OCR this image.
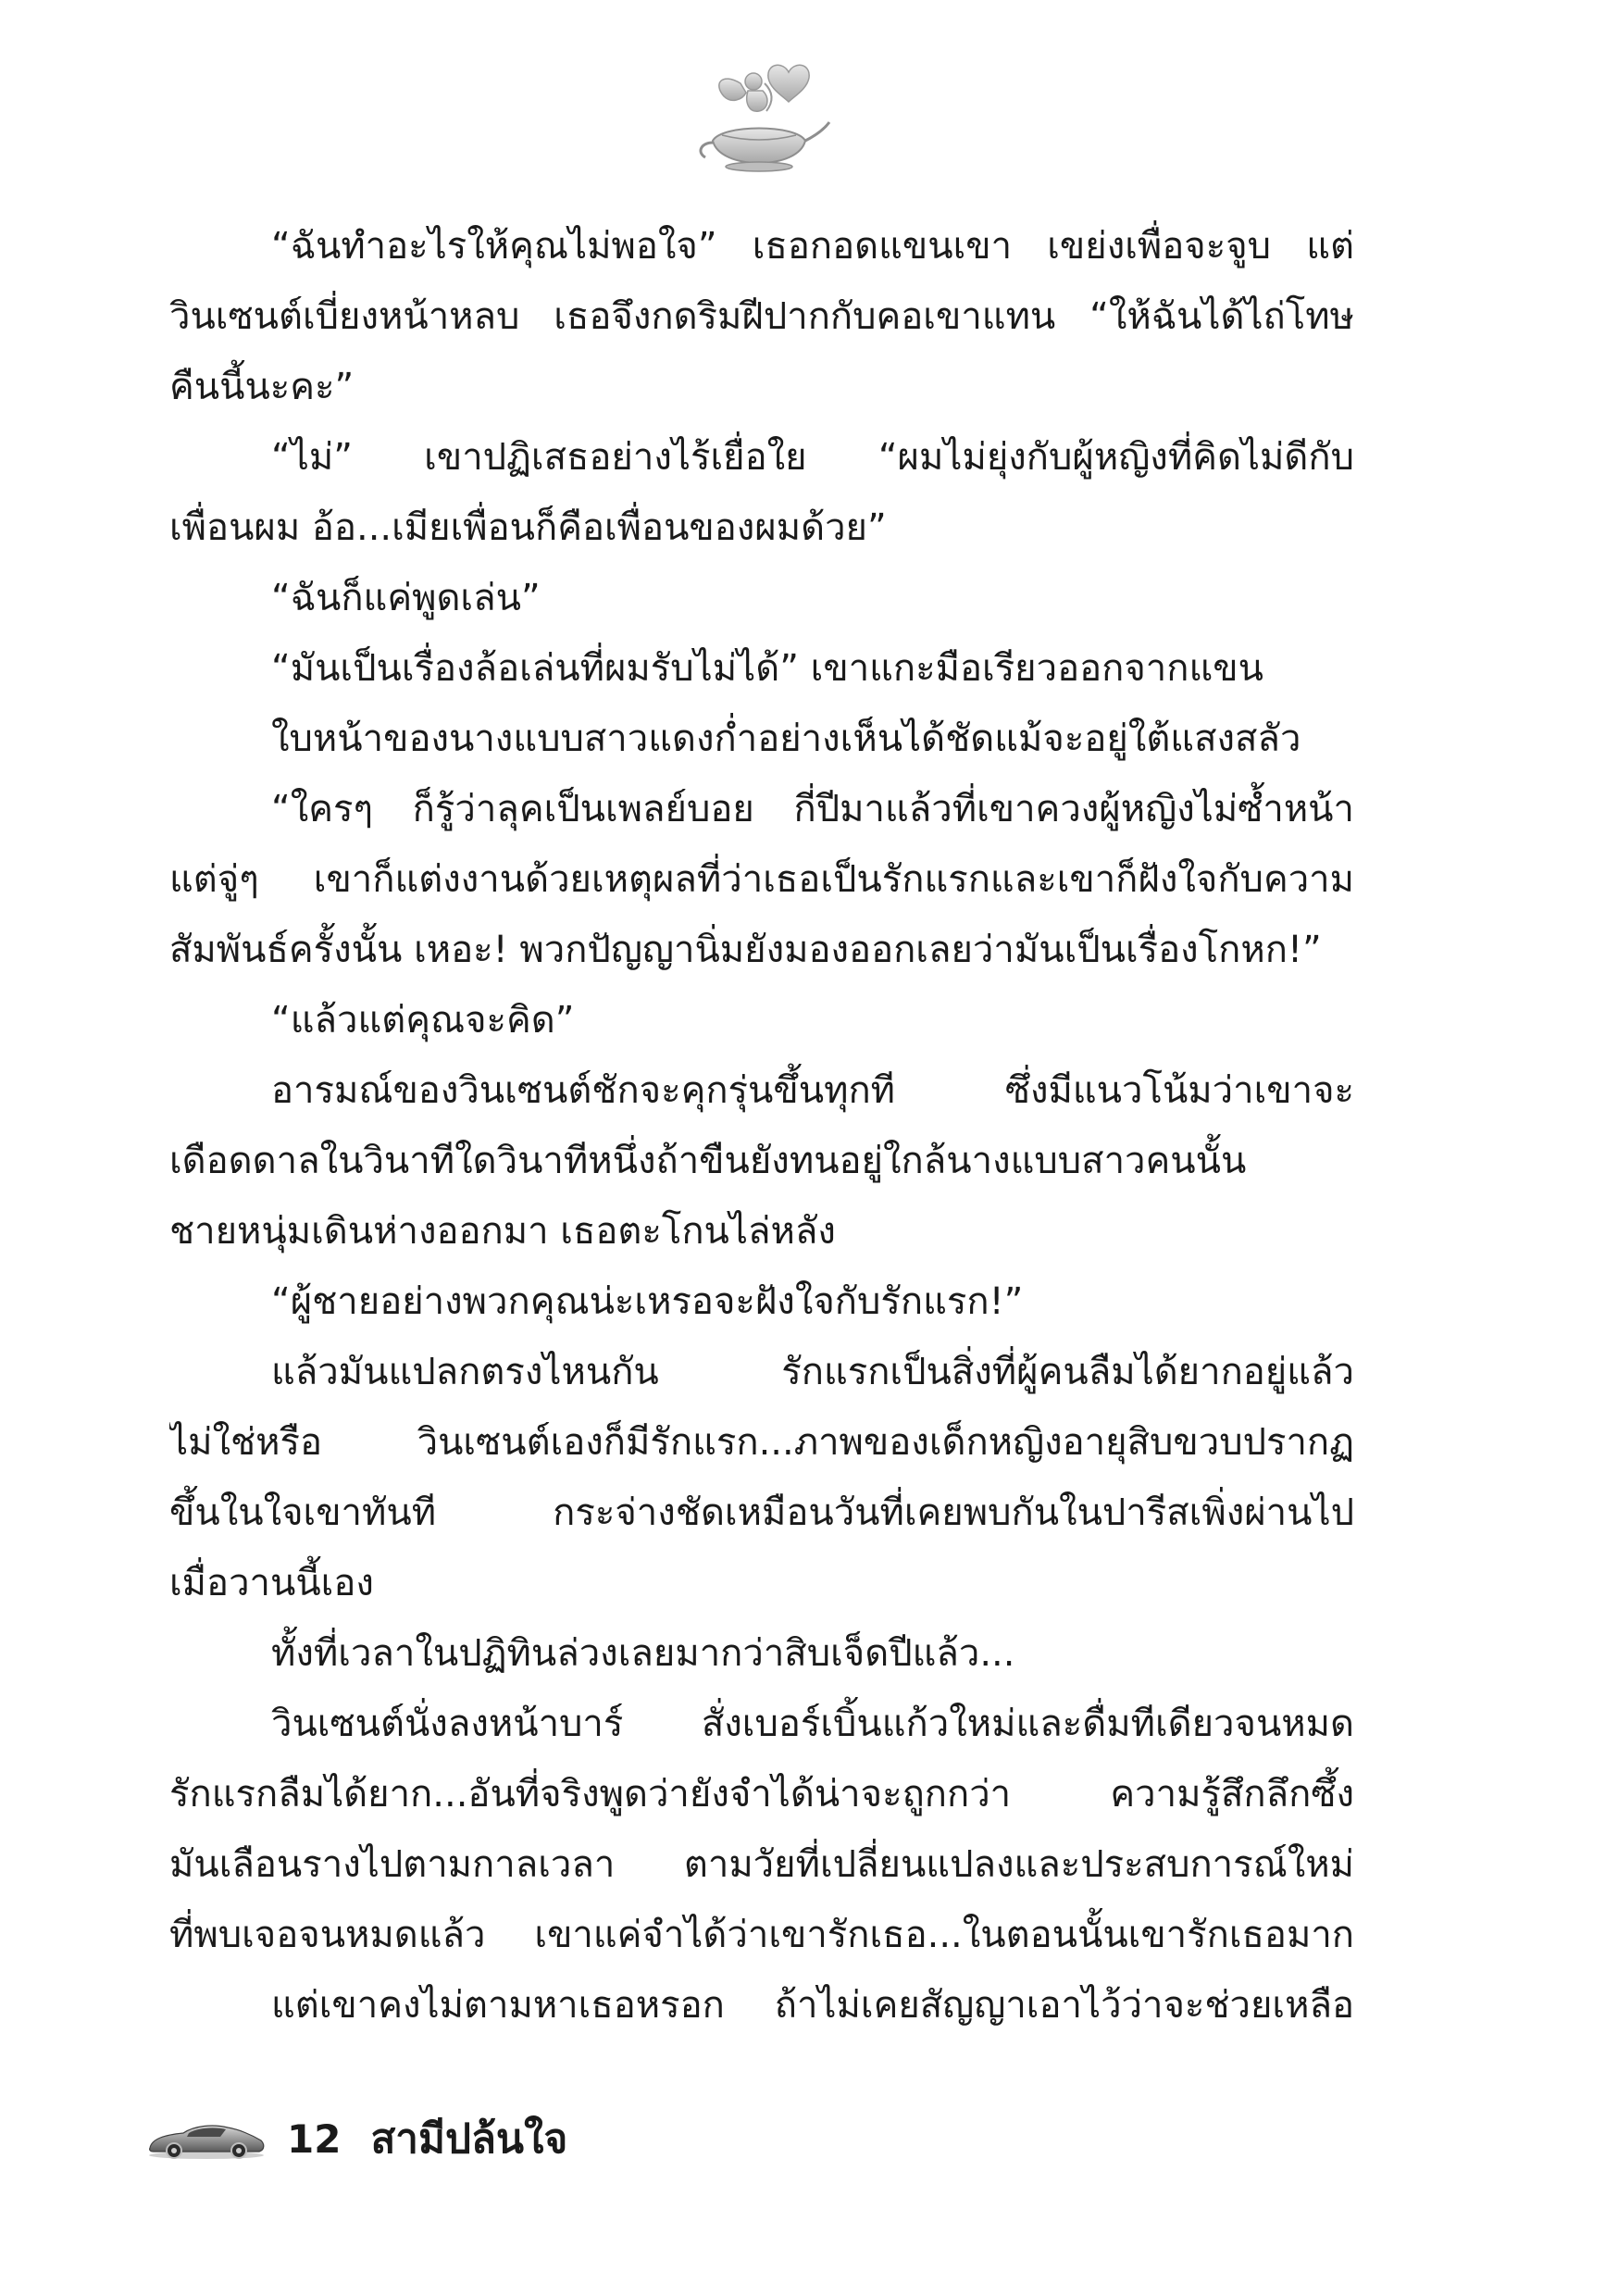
“ฉันทำอะไรให้คุณไม่พอใจ” เธอกอดแขนเขา เขย่งเพื่อจะจูบ แต่
วินเซนต์เบี่ยงหน้าหลบ เธอจึงกดริมฝีปากกับคอเขาแทน “ให้ฉันได้ไถ่โทษ
คืนนี้นะคะ”
“ไม่” เขาปฏิเสธอย่างไร้เยื่อใย “ผมไม่ยุ่งกับผู้หญิงที่คิดไม่ดีกับ
เพื่อนผม อ้อ...เมียเพื่อนก็คือเพื่อนของผมด้วย”
“ฉันก็แค่พูดเล่น”
“มันเป็นเรื่องล้อเล่นที่ผมรับไม่ได้” เขาแกะมือเรียวออกจากแขน
ใบหน้าของนางแบบสาวแดงก่ำอย่างเห็นได้ชัดแม้จะอยู่ใต้แสงสลัว
“ใครๆ ก็รู้ว่าลุคเป็นเพลย์บอย กี่ปีมาแล้วที่เขาควงผู้หญิงไม่ซ้ำหน้า
แต่จู่ๆ เขาก็แต่งงานด้วยเหตุผลที่ว่าเธอเป็นรักแรกและเขาก็ฝังใจกับความ
สัมพันธ์ครั้งนั้น เหอะ! พวกปัญญานิ่มยังมองออกเลยว่ามันเป็นเรื่องโกหก!”
“แล้วแต่คุณจะคิด”
อารมณ์ของวินเซนต์ชักจะคุกรุ่นขึ้นทุกที ซึ่งมีแนวโน้มว่าเขาจะ
เดือดดาลในวินาทีใดวินาทีหนึ่งถ้าขืนยังทนอยู่ใกล้นางแบบสาวคนนั้น
ชายหนุ่มเดินห่างออกมา เธอตะโกนไล่หลัง
“ผู้ชายอย่างพวกคุณน่ะเหรอจะฝังใจกับรักแรก!”
แล้วมันแปลกตรงไหนกัน รักแรกเป็นสิ่งที่ผู้คนลืมได้ยากอยู่แล้ว
ไม่ใช่หรือ วินเซนต์เองก็มีรักแรก...ภาพของเด็กหญิงอายุสิบขวบปรากฏ
ขึ้นในใจเขาทันที กระจ่างชัดเหมือนวันที่เคยพบกันในปารีสเพิ่งผ่านไป
เมื่อวานนี้เอง
ทั้งที่เวลาในปฏิทินล่วงเลยมากว่าสิบเจ็ดปีแล้ว...
วินเซนต์นั่งลงหน้าบาร์ สั่งเบอร์เบิ้นแก้วใหม่และดื่มทีเดียวจนหมด
รักแรกลืมได้ยาก...อันที่จริงพูดว่ายังจำได้น่าจะถูกกว่า ความรู้สึกลึกซึ้ง
มันเลือนรางไปตามกาลเวลา ตามวัยที่เปลี่ยนแปลงและประสบการณ์ใหม่
ที่พบเจอจนหมดแล้ว เขาแค่จำได้ว่าเขารักเธอ...ในตอนนั้นเขารักเธอมาก
แต่เขาคงไม่ตามหาเธอหรอก ถ้าไม่เคยสัญญาเอาไว้ว่าจะช่วยเหลือ
12 สามีปล้นใจ
